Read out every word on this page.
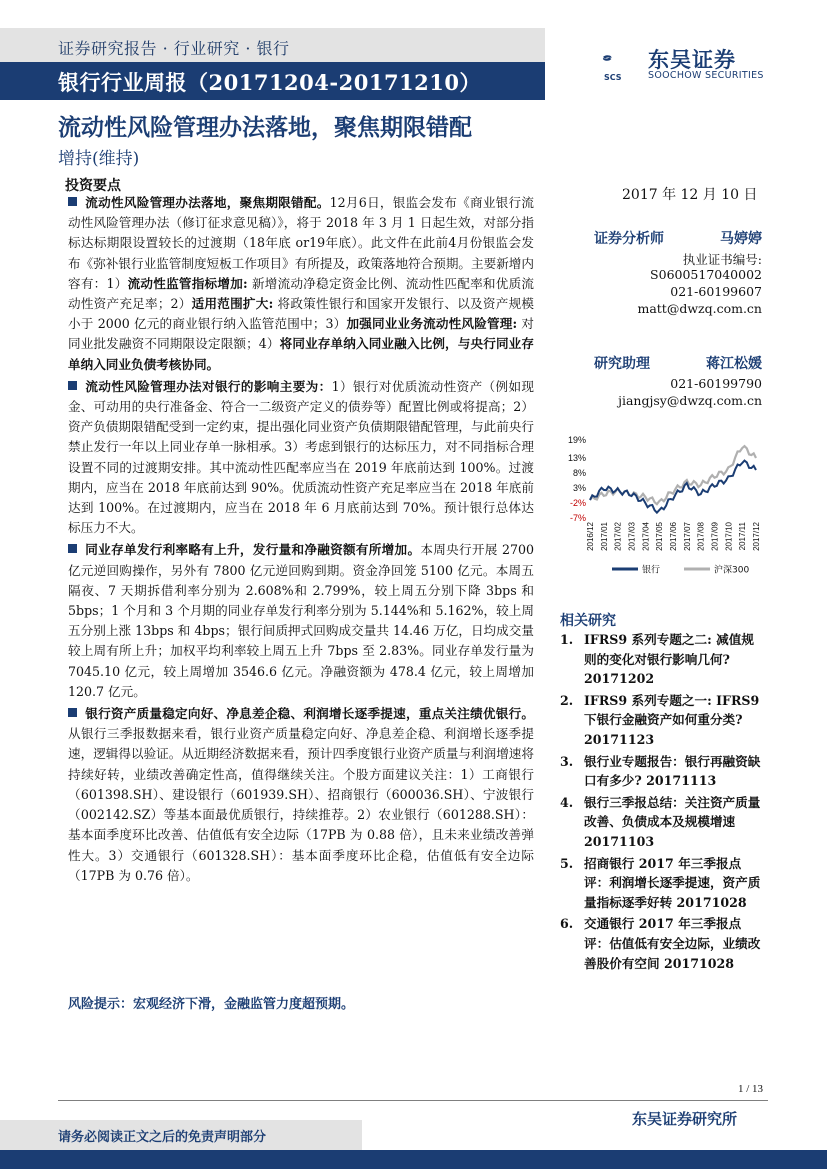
证券研究报告 · 行业研究 · 银行
银行行业周报（20171204-20171210）	SCS
东吴证券
SOOCHOW SECURITIES
流动性风险管理办法落地，聚焦期限错配
增持(维持)
投资要点

流动性风险管理办法落地，聚焦期限错配。12月6日，银监会发布《商业银行流动性风险管理办法（修订征求意见稿）》，将于 2018 年 3 月 1 日起生效，对部分指标达标期限设置较长的过渡期（18年底 or19年底）。此文件在此前4月份银监会发布《弥补银行业监管制度短板工作项目》有所提及，政策落地符合预期。主要新增内容有：1）流动性监管指标增加: 新增流动净稳定资金比例、流动性匹配率和优质流动性资产充足率；2）适用范围扩大: 将政策性银行和国家开发银行、以及资产规模小于 2000 亿元的商业银行纳入监管范围中；3）加强同业业务流动性风险管理: 对同业批发融资不同期限设定限额；4）将同业存单纳入同业融入比例，与央行同业存单纳入同业负债考核协同。

流动性风险管理办法对银行的影响主要为：1）银行对优质流动性资产（例如现金、可动用的央行准备金、符合一二级资产定义的债券等）配置比例或将提高；2）资产负债期限错配受到一定约束，提出强化同业资产负债期限错配管理，与此前央行禁止发行一年以上同业存单一脉相承。3）考虑到银行的达标压力，对不同指标合理设置不同的过渡期安排。其中流动性匹配率应当在 2019 年底前达到 100%。过渡期内，应当在 2018 年底前达到 90%。优质流动性资产充足率应当在 2018 年底前达到 100%。在过渡期内，应当在 2018 年 6 月底前达到 70%。预计银行总体达标压力不大。

同业存单发行利率略有上升，发行量和净融资额有所增加。本周央行开展 2700 亿元逆回购操作，另外有 7800 亿元逆回购到期。资金净回笼 5100 亿元。本周五隔夜、7 天期拆借利率分别为 2.608%和 2.799%，较上周五分别下降 3bps 和 5bps；1 个月和 3 个月期的同业存单发行利率分别为 5.144%和 5.162%，较上周五分别上涨 13bps 和 4bps；银行间质押式回购成交量共 14.46 万亿，日均成交量较上周有所上升；加权平均利率较上周五上升 7bps 至 2.83%。同业存单发行量为 7045.10 亿元，较上周增加 3546.6 亿元。净融资额为 478.4 亿元，较上周增加 120.7 亿元。

银行资产质量稳定向好、净息差企稳、利润增长逐季提速，重点关注绩优银行。从银行三季报数据来看，银行业资产质量稳定向好、净息差企稳、利润增长逐季提速，逻辑得以验证。从近期经济数据来看，预计四季度银行业资产质量与利润增速将持续好转，业绩改善确定性高，值得继续关注。个股方面建议关注：1）工商银行（601398.SH）、建设银行（601939.SH）、招商银行（600036.SH）、宁波银行（002142.SZ）等基本面最优质银行，持续推荐。2）农业银行（601288.SH）：基本面季度环比改善、估值低有安全边际（17PB 为 0.88 倍），且未来业绩改善弹性大。3）交通银行（601328.SH）：基本面季度环比企稳，估值低有安全边际（17PB 为 0.76 倍）。

风险提示：宏观经济下滑，金融监管力度超预期。
2017 年 12 月 10 日
证券分析师	马婷婷
执业证书编号:
S0600517040002
021-60199607
matt@dwzq.com.cn
研究助理	蒋江松媛
021-60199790
jiangjsy@dwzq.com.cn
19%
13%
8%
3%
-2%
-7%
2016/12 2017/01 2017/02 2017/03 2017/04 2017/05 2017/06 2017/07 2017/08 2017/09 2017/10 2017/11 2017/12
银行	沪深300
相关研究
1. IFRS9 系列专题之二: 减值规则的变化对银行影响几何? 20171202
2. IFRS9 系列专题之一: IFRS9 下银行金融资产如何重分类? 20171123
3. 银行业专题报告：银行再融资缺口有多少? 20171113
4. 银行三季报总结：关注资产质量改善、负债成本及规模增速 20171103
5. 招商银行 2017 年三季报点评：利润增长逐季提速，资产质量指标逐季好转 20171028
6. 交通银行 2017 年三季报点评：估值低有安全边际，业绩改善股价有空间 20171028
1 / 13
东吴证券研究所
请务必阅读正文之后的免责声明部分
